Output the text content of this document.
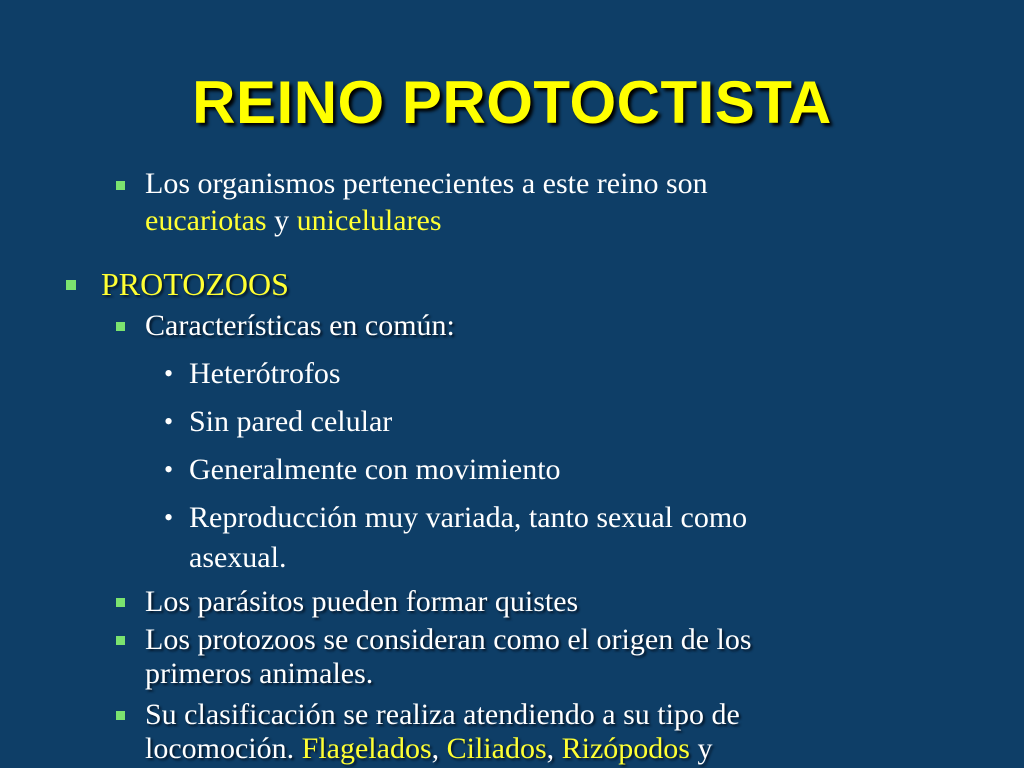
REINO PROTOCTISTA
Los organismos pertenecientes a este reino son
eucariotas y unicelulares
PROTOZOOS
Características en común:
• Heterótrofos
• Sin pared celular
• Generalmente con movimiento
• Reproducción muy variada, tanto sexual como
asexual.
Los parásitos pueden formar quistes
Los protozoos se consideran como el origen de los
primeros animales.
Su clasificación se realiza atendiendo a su tipo de
locomoción. Flagelados, Ciliados, Rizópodos y
